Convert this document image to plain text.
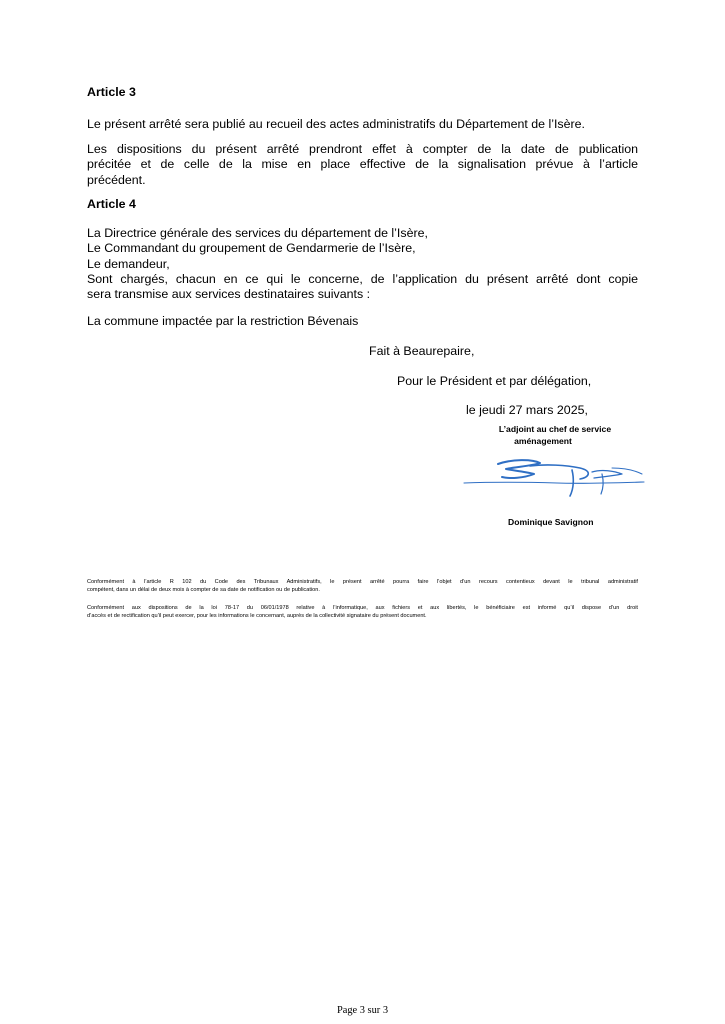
Article 3
Le présent arrêté sera publié au recueil des actes administratifs du Département de l’Isère.
Les dispositions du présent arrêté prendront effet à compter de la date de publication
précitée et de celle de la mise en place effective de la signalisation prévue à l’article
précédent.
Article 4
La Directrice générale des services du département de l’Isère,
Le Commandant du groupement de Gendarmerie de l’Isère,
Le demandeur,
Sont chargés, chacun en ce qui le concerne, de l’application du présent arrêté dont copie
sera transmise aux services destinataires suivants :
La commune impactée par la restriction Bévenais
Fait à Beaurepaire,
Pour le Président et par délégation,
le jeudi 27 mars 2025,
L’adjoint au chef de service
aménagement
Dominique Savignon
Conformément à l’article R 102 du Code des Tribunaux Administratifs, le présent arrêté pourra faire l’objet d’un recours contentieux devant le tribunal administratif
compétent, dans un délai de deux mois à compter de sa date de notification ou de publication.
Conformément aux dispositions de la loi 78-17 du 06/01/1978 relative à l’informatique, aux fichiers et aux libertés, le bénéficiaire est informé qu’il dispose d’un droit
d’accès et de rectification qu’il peut exercer, pour les informations le concernant, auprès de la collectivité signataire du présent document.
Page 3 sur 3
